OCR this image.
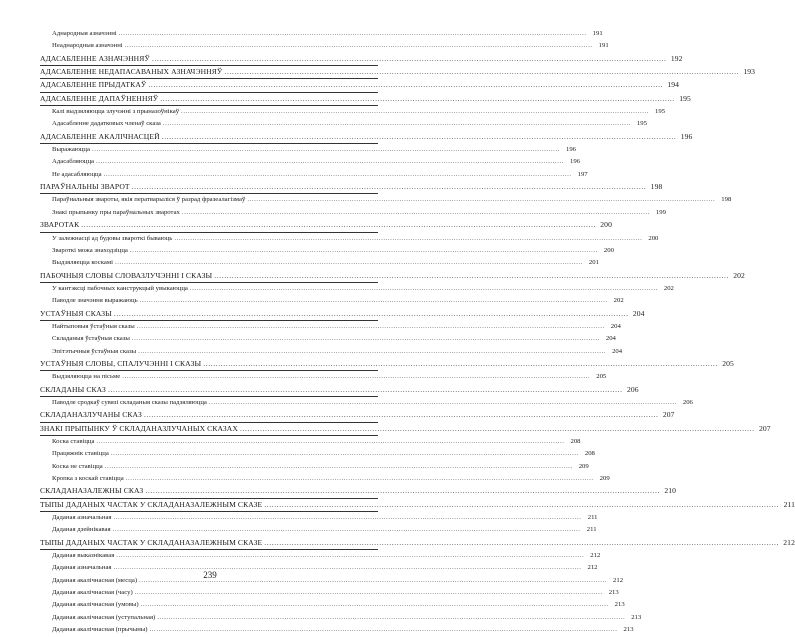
Аднародныя азначэнні .....	191
Неаднародныя азначэнні .....	191
АДАСАБЛЕННЕ АЗНАЧЭННЯЎ .....	192
АДАСАБЛЕННЕ НЕДАПАСАВАНЫХ АЗНАЧЭННЯЎ .....	193
АДАСАБЛЕННЕ ПРЫДАТКАЎ .....	194
АДАСАБЛЕННЕ ДАПАЎНЕННЯЎ .....	195
Калі выдзяляюцца злучэнні з прыназоўнікаў .....	195
Адасабленне дадатковых членаў сказа .....	195
АДАСАБЛЕННЕ АКАЛІЧНАСЦЕЙ .....	196
Выражаюцца .....	196
Адасабляюцца .....	196
Не адасабляюцца .....	197
ПАРАЎНАЛЬНЫ ЗВАРОТ .....	198
Параўнальныя звароты, якія ператварыліся ў разрад фразеалагізмаў .....	198
Знакі прыпынку пры параўнальных зваротах .....	199
ЗВАРОТАК .....	200
У залежнасці ад будовы звароткі бываюць .....	200
Звароткі можа знаходзіцца .....	200
Выдзяляецца коскамі .....	201
ПАБОЧНЫЯ СЛОВЫ СЛОВАЗЛУЧЭННІ І СКАЗЫ .....	202
У кантэксці пабочных канструкцый увыкаюцца .....	202
Паводле значэння выражаюць .....	202
УСТАЎНЫЯ СКАЗЫ .....	204
Найтыповыя ўстаўныя сказы .....	204
Складаныя ўстаўныя сказы .....	204
Эпітэтычныя ўстаўныя сказы .....	204
УСТАЎНЫЯ СЛОВЫ, СПАЛУЧЭННІ І СКАЗЫ .....	205
Выдзяляюцца на пісьме .....	205
СКЛАДАНЫ СКАЗ .....	206
Паводле сродкаў сувязі складаныя сказы падзяляюцца .....	206
СКЛАДАНАЗЛУЧАНЫ СКАЗ .....	207
ЗНАКІ ПРЫПЫНКУ Ў СКЛАДАНАЗЛУЧАНЫХ СКАЗАХ .....	207
Коска ставіцца .....	208
Працяжнік ставіцца .....	208
Коска не ставіцца .....	209
Кропка з коскай ставіцца .....	209
СКЛАДАНАЗАЛЕЖНЫ СКАЗ .....	210
ТЫПЫ ДАДАНЫХ ЧАСТАК У СКЛАДАНАЗАЛЕЖНЫМ СКАЗЕ .....	211
Даданая азначальная .....	211
Даданая дзейнікавая .....	211
ТЫПЫ ДАДАНЫХ ЧАСТАК У СКЛАДАНАЗАЛЕЖНЫМ СКАЗЕ .....	212
Даданая выказнікавая .....	212
Даданая азначальная .....	212
Даданая акалічнасная (месца) .....	212
Даданая акалічнасная (часу) .....	213
Даданая акалічнасная (умовы) .....	213
Даданая акалічнасная (уступальная) .....	213
Даданая акалічнасная (прычыны) .....	213
239
